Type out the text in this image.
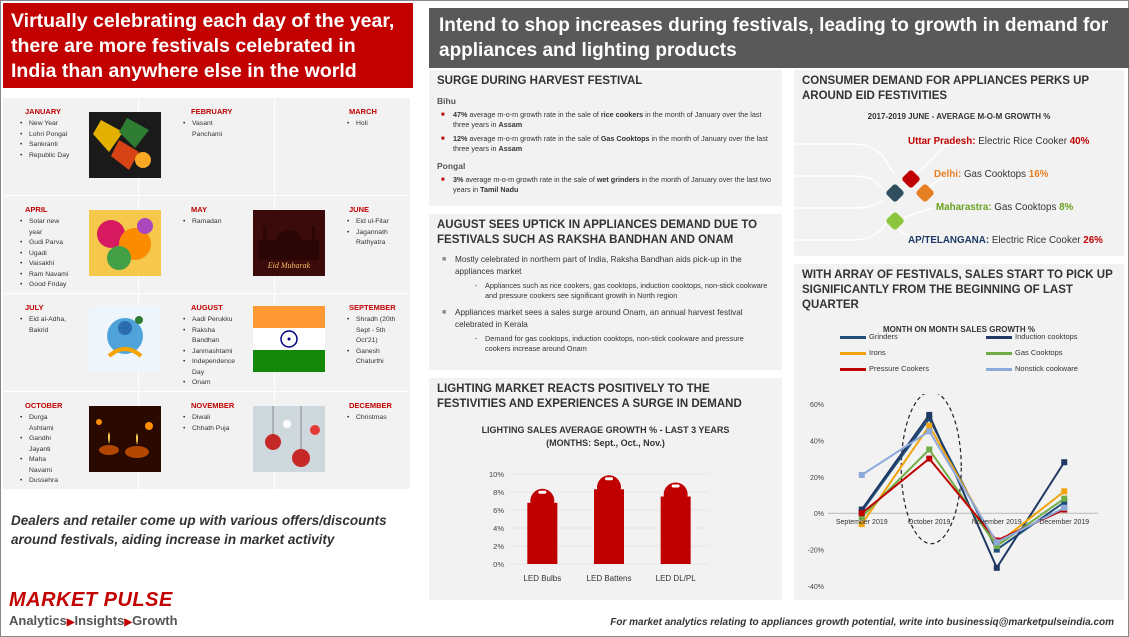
Virtually celebrating each day of the year, there are more festivals celebrated in India than anywhere else in the world
DECEMBER
• Christmas
NOVEMBER
• Diwali
• Chhath Puja
OCTOBER
• Durga Ashtami
• Gandhi Jayanti
• Maha Navami
• Dussehra
SEPTEMBER
• Shradh (20th Sept - 5th Oct'21)
• Ganesh Chaturthi
AUGUST
• Aadi Perukku
• Raksha Bandhan
• Janmashtami
• Independence Day
• Onam
JULY
• Eid al-Adha, Bakrid
JUNE
• Eid ul-Fitar
• Jagannath Rathyatra
MAY
• Ramadan
APRIL
• Solar new year
• Gudi Parva
• Ugadi
• Vaisakhi
• Ram Navami
• Good Friday
MARCH
• Holi
FEBRUARY
• Vasant Panchami
JANUARY
• New Year
• Lohri Pongal
• Sankranti
• Republic Day
Eid Mubarak
Dealers and retailer come up with various offers/discounts around festivals, aiding increase in market activity
MARKET PULSE
Analytics▶Insights▶Growth
Intend to shop increases during festivals, leading to growth in demand for appliances and lighting products
SURGE DURING HARVEST FESTIVAL
Bihu
■ 47% average m-o-m growth rate in the sale of rice cookers in the month of January over the last three years in Assam
■ 12% average m-o-m growth rate in the sale of Gas Cooktops in the month of January over the last three years in Assam
Pongal
■ 3% average m-o-m growth rate in the sale of wet grinders in the month of January over the last two years in Tamil Nadu
AUGUST SEES UPTICK IN APPLIANCES DEMAND DUE TO FESTIVALS SUCH AS RAKSHA BANDHAN AND ONAM
■ Mostly celebrated in northern part of India, Raksha Bandhan aids pick-up in the appliances market
- Appliances such as rice cookers, gas cooktops, induction cooktops, non-stick cookware and pressure cookers see significant growth in North region
■ Appliances market sees a sales surge around Onam, an annual harvest festival celebrated in Kerala
- Demand for gas cooktops, induction cooktops, non-stick cookware and pressure cookers increase around Onam
LIGHTING MARKET REACTS POSITIVELY TO THE FESTIVITIES AND EXPERIENCES A SURGE IN DEMAND
LIGHTING SALES AVERAGE GROWTH % - LAST 3 YEARS
(MONTHS: Sept., Oct., Nov.)
0%
2%
4%
6%
8%
10%
LED Bulbs	LED Battens	LED DL/PL
CONSUMER DEMAND FOR APPLIANCES PERKS UP AROUND EID FESTIVITIES
2017-2019 JUNE - AVERAGE M-O-M GROWTH %
Uttar Pradesh: Electric Rice Cooker 40%
Delhi: Gas Cooktops 16%
Maharastra: Gas Cooktops 8%
AP/TELANGANA: Electric Rice Cooker 26%
WITH ARRAY OF FESTIVALS, SALES START TO PICK UP SIGNIFICANTLY FROM THE BEGINNING OF LAST QUARTER
MONTH ON MONTH SALES GROWTH %
Grinders	Induction cooktops
Irons	Gas Cooktops
Pressure Cookers	Nonstick cookware
-40%
-20%
0%
20%
40%
60%
September 2019	October 2019	November 2019	December 2019
For market analytics relating to appliances growth potential, write into businessiq@marketpulseindia.com
